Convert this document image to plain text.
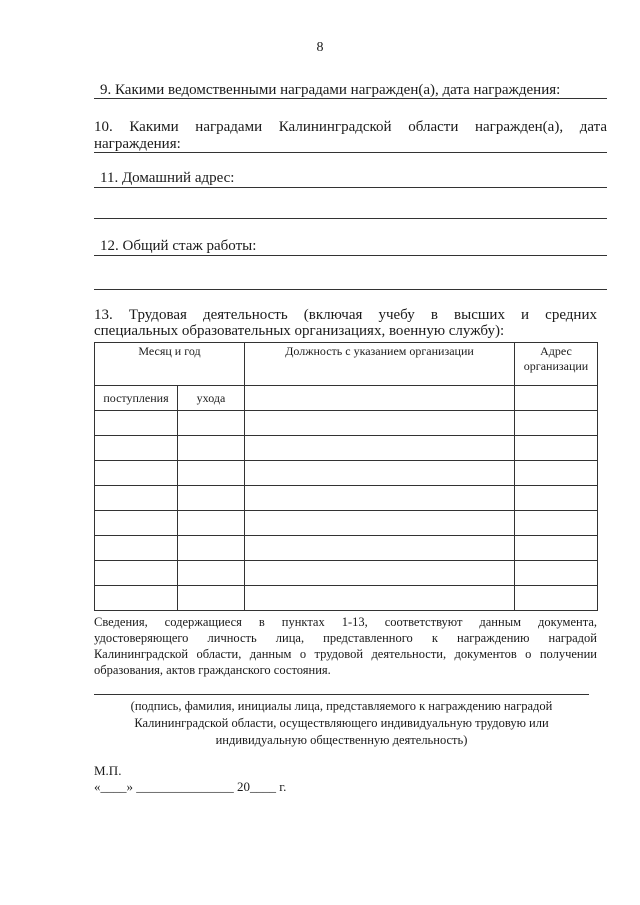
8
9. Какими ведомственными наградами награжден(а), дата награждения:
10. Какими наградами Калининградской области награжден(а), дата
награждения:
11. Домашний адрес:
12. Общий стаж работы:
13. Трудовая деятельность (включая учебу в высших и средних
специальных образовательных организациях, военную службу):
Месяц и год		Должность с указанием организации	Адрес организации
поступления	ухода		

Сведения, содержащиеся в пунктах 1-13, соответствуют данным документа, удостоверяющего личность лица, представленного к награждению наградой Калининградской области, данным о трудовой деятельности, документов о получении образования, актов гражданского состояния.
(подпись, фамилия, инициалы лица, представляемого к награждению наградой Калининградской области, осуществляющего индивидуальную трудовую или индивидуальную общественную деятельность)
М.П.
«____» _______________ 20____ г.
